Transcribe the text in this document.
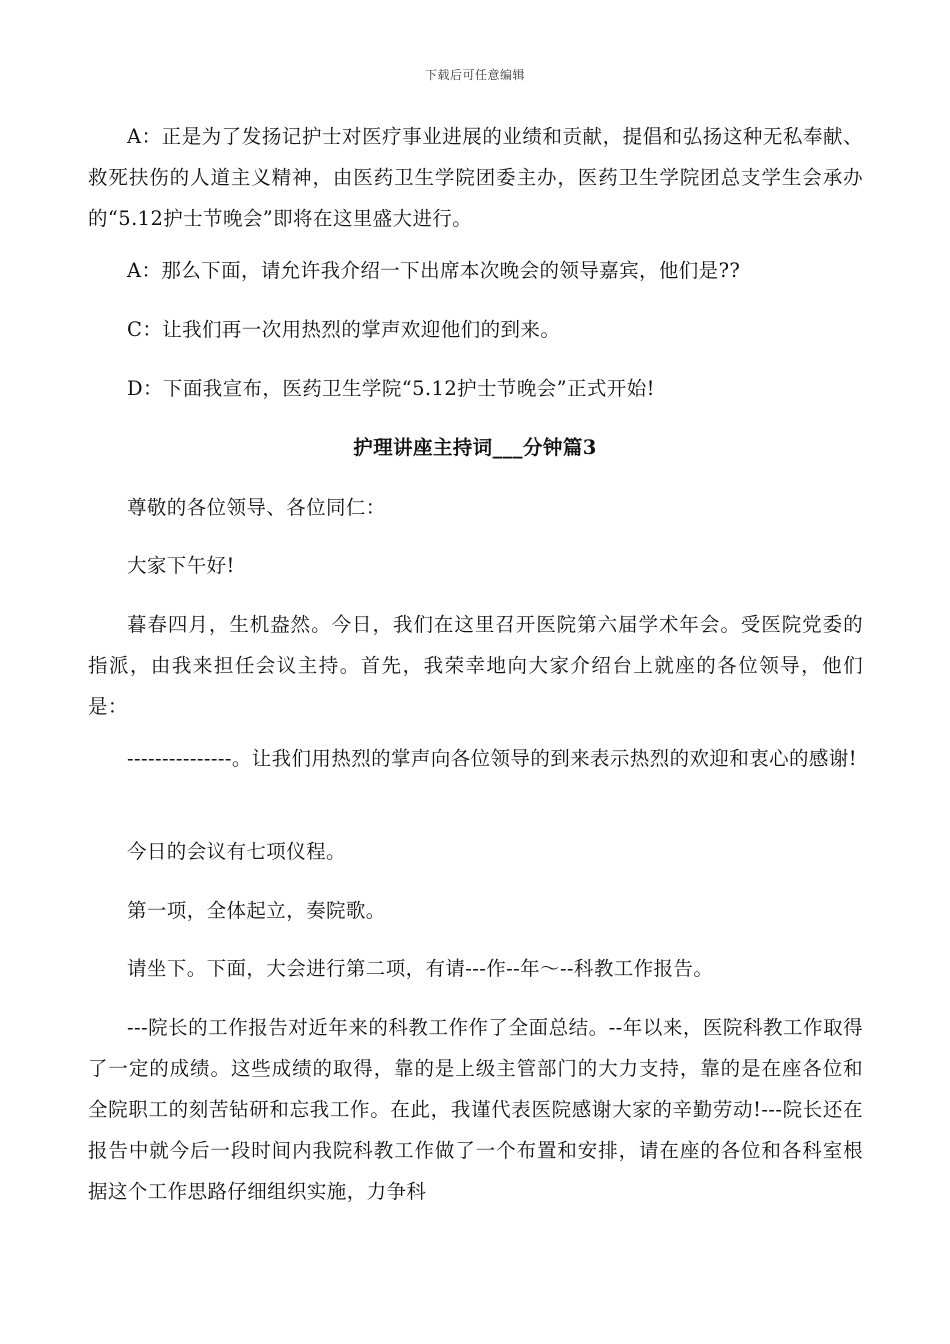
下载后可任意编辑

A：正是为了发扬记护士对医疗事业进展的业绩和贡献，提倡和弘扬这种无私奉献、救死扶伤的人道主义精神，由医药卫生学院团委主办，医药卫生学院团总支学生会承办的“5.12护士节晚会”即将在这里盛大进行。

A：那么下面，请允许我介绍一下出席本次晚会的领导嘉宾，他们是??

C：让我们再一次用热烈的掌声欢迎他们的到来。

D：下面我宣布，医药卫生学院“5.12护士节晚会”正式开始!

护理讲座主持词___分钟篇3

尊敬的各位领导、各位同仁：

大家下午好!

暮春四月，生机盎然。今日，我们在这里召开医院第六届学术年会。受医院党委的指派，由我来担任会议主持。首先，我荣幸地向大家介绍台上就座的各位领导，他们是：

---------------。让我们用热烈的掌声向各位领导的到来表示热烈的欢迎和衷心的感谢!

今日的会议有七项仪程。

第一项，全体起立，奏院歌。

请坐下。下面，大会进行第二项，有请---作--年～--科教工作报告。

---院长的工作报告对近年来的科教工作作了全面总结。--年以来，医院科教工作取得了一定的成绩。这些成绩的取得，靠的是上级主管部门的大力支持，靠的是在座各位和全院职工的刻苦钻研和忘我工作。在此，我谨代表医院感谢大家的辛勤劳动!---院长还在报告中就今后一段时间内我院科教工作做了一个布置和安排，请在座的各位和各科室根据这个工作思路仔细组织实施，力争科
